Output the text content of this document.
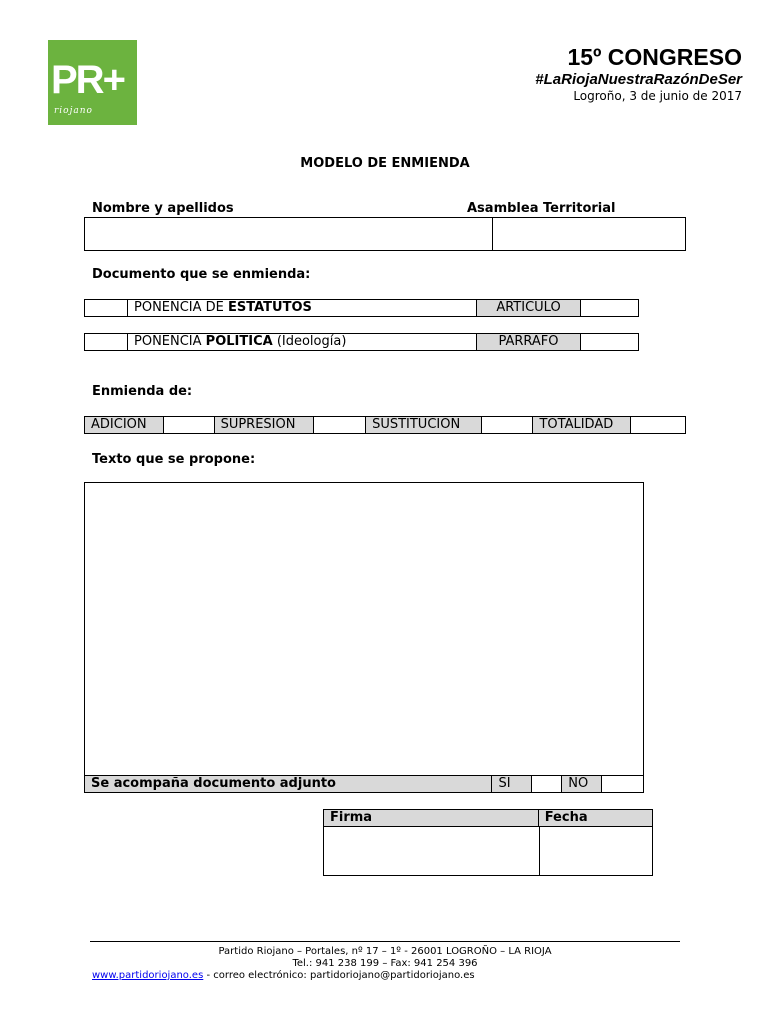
PR+
riojano
15º CONGRESO
#LaRiojaNuestraRazónDeSer
Logroño, 3 de junio de 2017
MODELO DE ENMIENDA
Nombre y apellidos	Asamblea Territorial
Documento que se enmienda:
PONENCIA DE ESTATUTOS	ARTICULO
PONENCIA POLITICA (Ideología)	PARRAFO
Enmienda de:
ADICION	SUPRESION	SUSTITUCION	TOTALIDAD
Texto que se propone:
Se acompaña documento adjunto	SI	NO
Firma	Fecha
Partido Riojano – Portales, nº 17 – 1º - 26001 LOGROÑO – LA RIOJA
Tel.: 941 238 199 – Fax: 941 254 396
www.partidoriojano.es - correo electrónico: partidoriojano@partidoriojano.es
